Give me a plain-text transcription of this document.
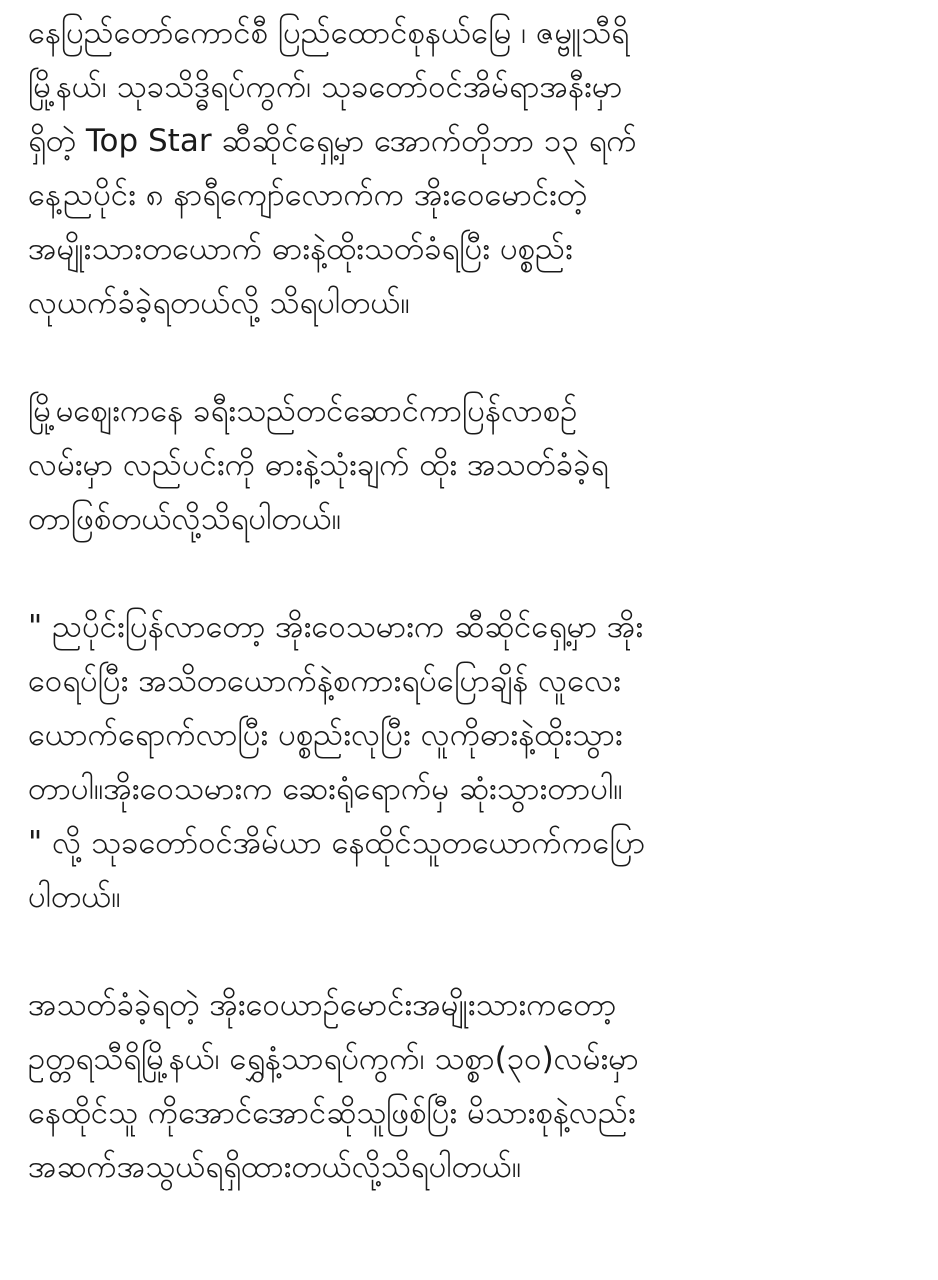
နေပြည်တော်ကောင်စီ ပြည်ထောင်စုနယ်မြေ ၊ ဇမ္ဗူသီရိ
မြို့နယ်၊ သုခသိဒ္ဓိရပ်ကွက်၊ သုခတော်ဝင်အိမ်ရာအနီးမှာ
ရှိတဲ့ Top Star ဆီဆိုင်ရှေ့မှာ အောက်တိုဘာ ၁၃ ရက်
နေ့ညပိုင်း ၈ နာရီကျော်လောက်က အိုးဝေမောင်းတဲ့
အမျိုးသားတယောက် ဓားနဲ့ထိုးသတ်ခံရပြီး ပစ္စည်း
လုယက်ခံခဲ့ရတယ်လို့ သိရပါတယ်။

မြို့မဈေးကနေ ခရီးသည်တင်ဆောင်ကာပြန်လာစဉ်
လမ်းမှာ လည်ပင်းကို ဓားနဲ့သုံးချက် ထိုး အသတ်ခံခဲ့ရ
တာဖြစ်တယ်လို့သိရပါတယ်။

" ညပိုင်းပြန်လာတော့ အိုးဝေသမားက ဆီဆိုင်ရှေ့မှာ အိုး
ဝေရပ်ပြီး အသိတယောက်နဲ့စကားရပ်ပြောချိန် လူလေး
ယောက်ရောက်လာပြီး ပစ္စည်းလုပြီး လူကိုဓားနဲ့ထိုးသွား
တာပါ။အိုးဝေသမားက ဆေးရုံရောက်မှ ဆုံးသွားတာပါ။
" လို့ သုခတော်ဝင်အိမ်ယာ နေထိုင်သူတယောက်ကပြော
ပါတယ်။

အသတ်ခံခဲ့ရတဲ့ အိုးဝေယာဉ်မောင်းအမျိုးသားကတော့
ဥတ္တရသီရိမြို့နယ်၊ ရွှေနံ့သာရပ်ကွက်၊ သစ္စာ(၃၀)လမ်းမှာ
နေထိုင်သူ ကိုအောင်အောင်ဆိုသူဖြစ်ပြီး မိသားစုနဲ့လည်း
အဆက်အသွယ်ရရှိထားတယ်လို့သိရပါတယ်။
